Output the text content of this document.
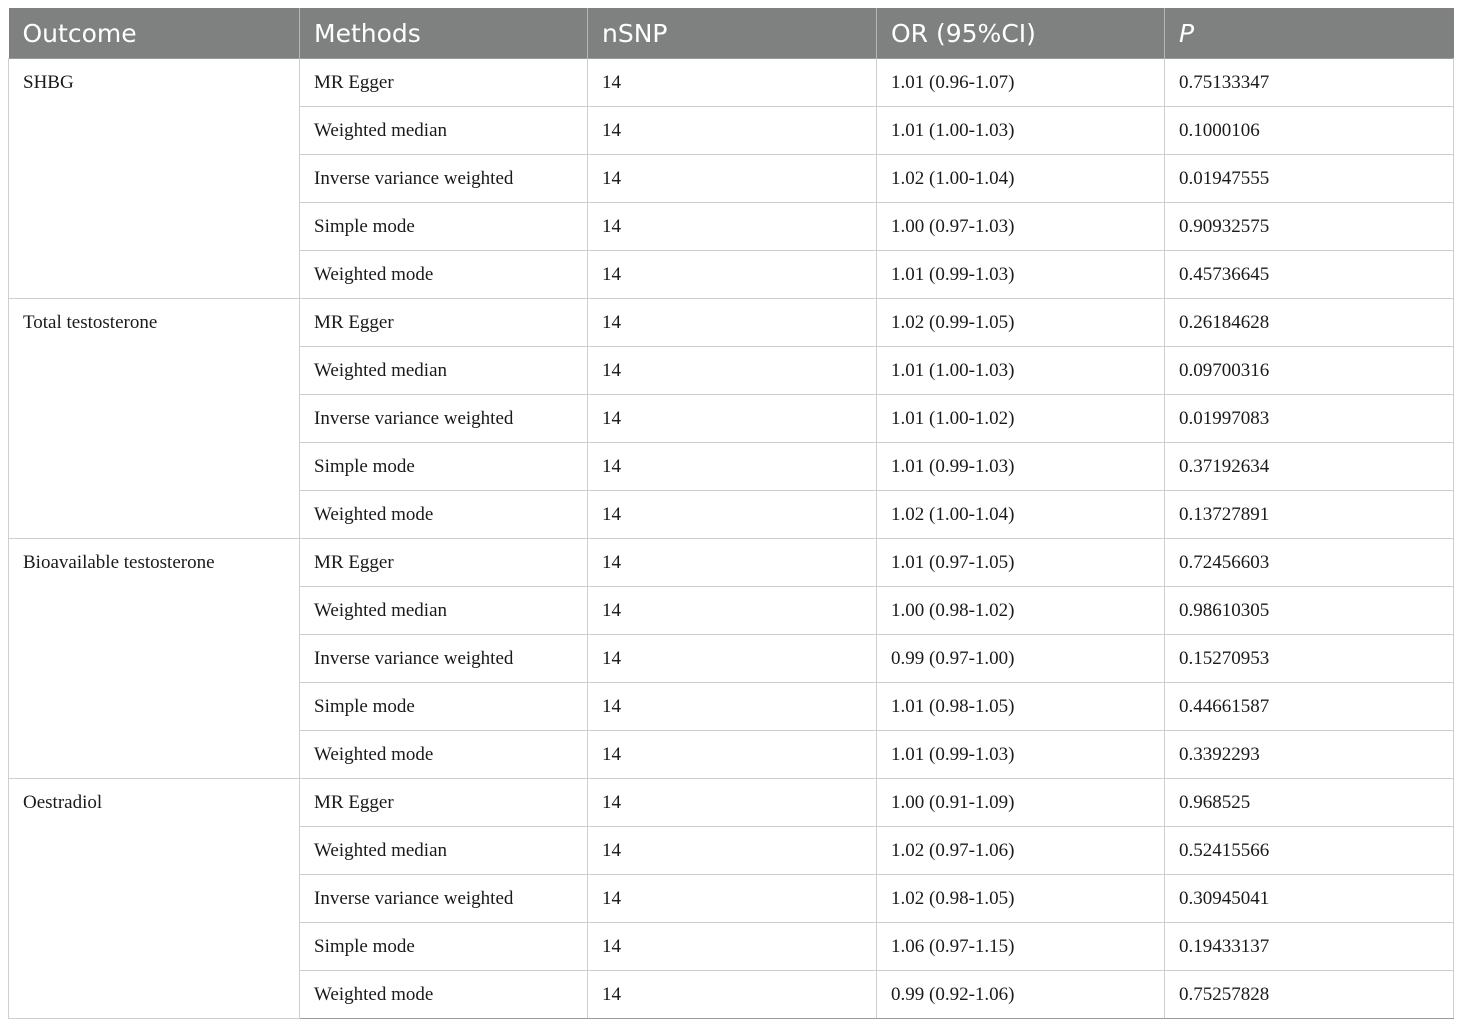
Outcome	Methods	nSNP	OR (95%CI)	P
SHBG	MR Egger	14	1.01 (0.96-1.07)	0.75133347
	Weighted median	14	1.01 (1.00-1.03)	0.1000106
	Inverse variance weighted	14	1.02 (1.00-1.04)	0.01947555
	Simple mode	14	1.00 (0.97-1.03)	0.90932575
	Weighted mode	14	1.01 (0.99-1.03)	0.45736645
Total testosterone	MR Egger	14	1.02 (0.99-1.05)	0.26184628
	Weighted median	14	1.01 (1.00-1.03)	0.09700316
	Inverse variance weighted	14	1.01 (1.00-1.02)	0.01997083
	Simple mode	14	1.01 (0.99-1.03)	0.37192634
	Weighted mode	14	1.02 (1.00-1.04)	0.13727891
Bioavailable testosterone	MR Egger	14	1.01 (0.97-1.05)	0.72456603
	Weighted median	14	1.00 (0.98-1.02)	0.98610305
	Inverse variance weighted	14	0.99 (0.97-1.00)	0.15270953
	Simple mode	14	1.01 (0.98-1.05)	0.44661587
	Weighted mode	14	1.01 (0.99-1.03)	0.3392293
Oestradiol	MR Egger	14	1.00 (0.91-1.09)	0.968525
	Weighted median	14	1.02 (0.97-1.06)	0.52415566
	Inverse variance weighted	14	1.02 (0.98-1.05)	0.30945041
	Simple mode	14	1.06 (0.97-1.15)	0.19433137
	Weighted mode	14	0.99 (0.92-1.06)	0.75257828
